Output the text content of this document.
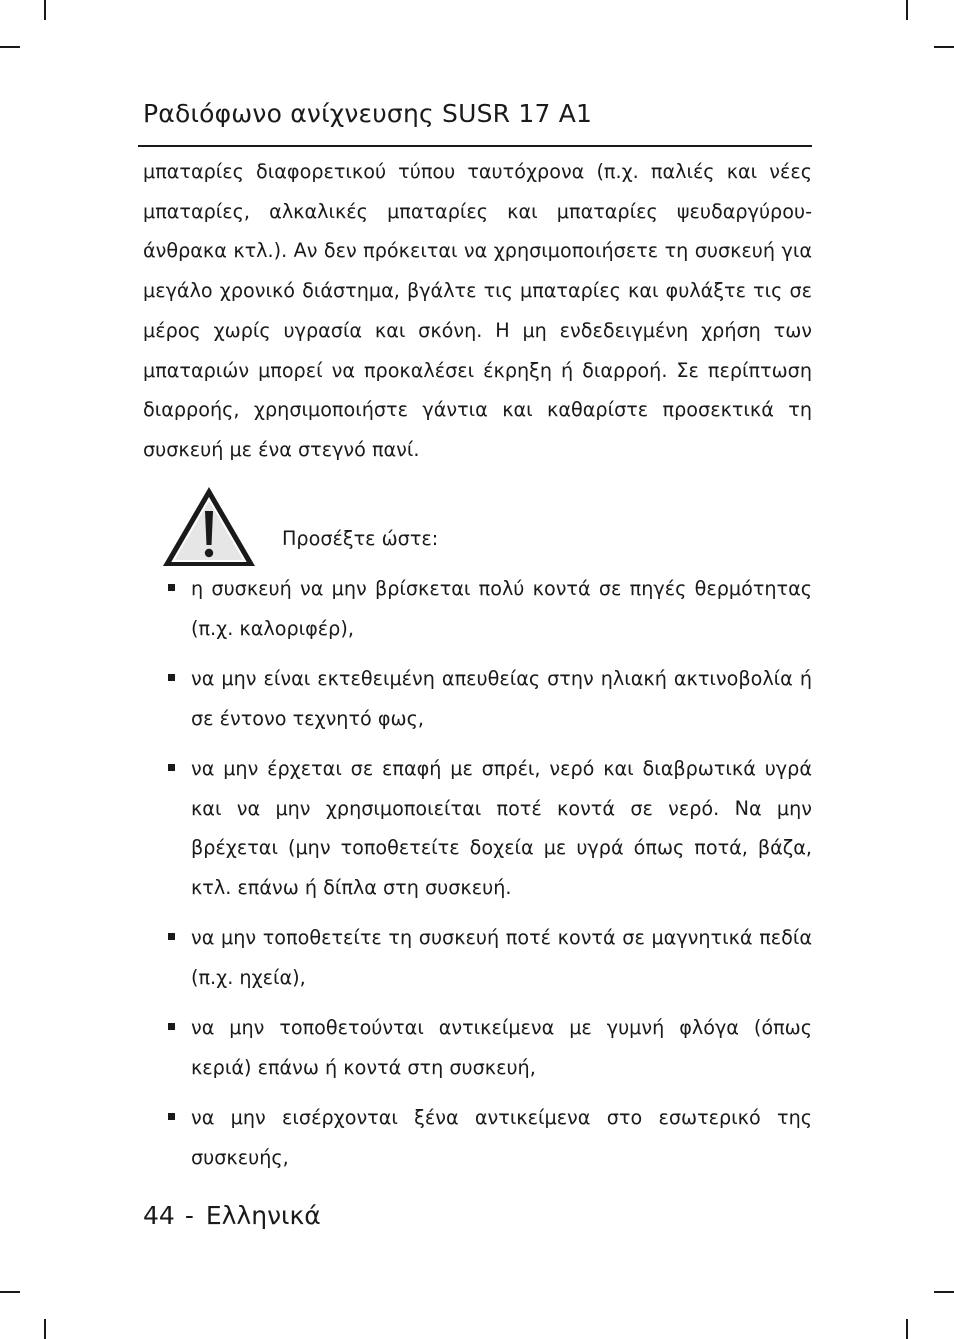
Ραδιόφωνο ανίχνευσης SUSR 17 A1

μπαταρίες διαφορετικού τύπου ταυτόχρονα (π.χ. παλιές και νέες μπαταρίες, αλκαλικές μπαταρίες και μπαταρίες ψευδαργύρου-άνθρακα κτλ.). Αν δεν πρόκειται να χρησιμοποιήσετε τη συσκευή για μεγάλο χρονικό διάστημα, βγάλτε τις μπαταρίες και φυλάξτε τις σε μέρος χωρίς υγρασία και σκόνη. Η μη ενδεδειγμένη χρήση των μπαταριών μπορεί να προκαλέσει έκρηξη ή διαρροή. Σε περίπτωση διαρροής, χρησιμοποιήστε γάντια και καθαρίστε προσεκτικά τη συσκευή με ένα στεγνό πανί.

Προσέξτε ώστε:
η συσκευή να μην βρίσκεται πολύ κοντά σε πηγές θερμότητας (π.χ. καλοριφέρ),
να μην είναι εκτεθειμένη απευθείας στην ηλιακή ακτινοβολία ή σε έντονο τεχνητό φως,
να μην έρχεται σε επαφή με σπρέι, νερό και διαβρωτικά υγρά και να μην χρησιμοποιείται ποτέ κοντά σε νερό. Να μην βρέχεται (μην τοποθετείτε δοχεία με υγρά όπως ποτά, βάζα, κτλ. επάνω ή δίπλα στη συσκευή.
να μην τοποθετείτε τη συσκευή ποτέ κοντά σε μαγνητικά πεδία (π.χ. ηχεία),
να μην τοποθετούνται αντικείμενα με γυμνή φλόγα (όπως κεριά) επάνω ή κοντά στη συσκευή,
να μην εισέρχονται ξένα αντικείμενα στο εσωτερικό της συσκευής,
44 - Ελληνικά
